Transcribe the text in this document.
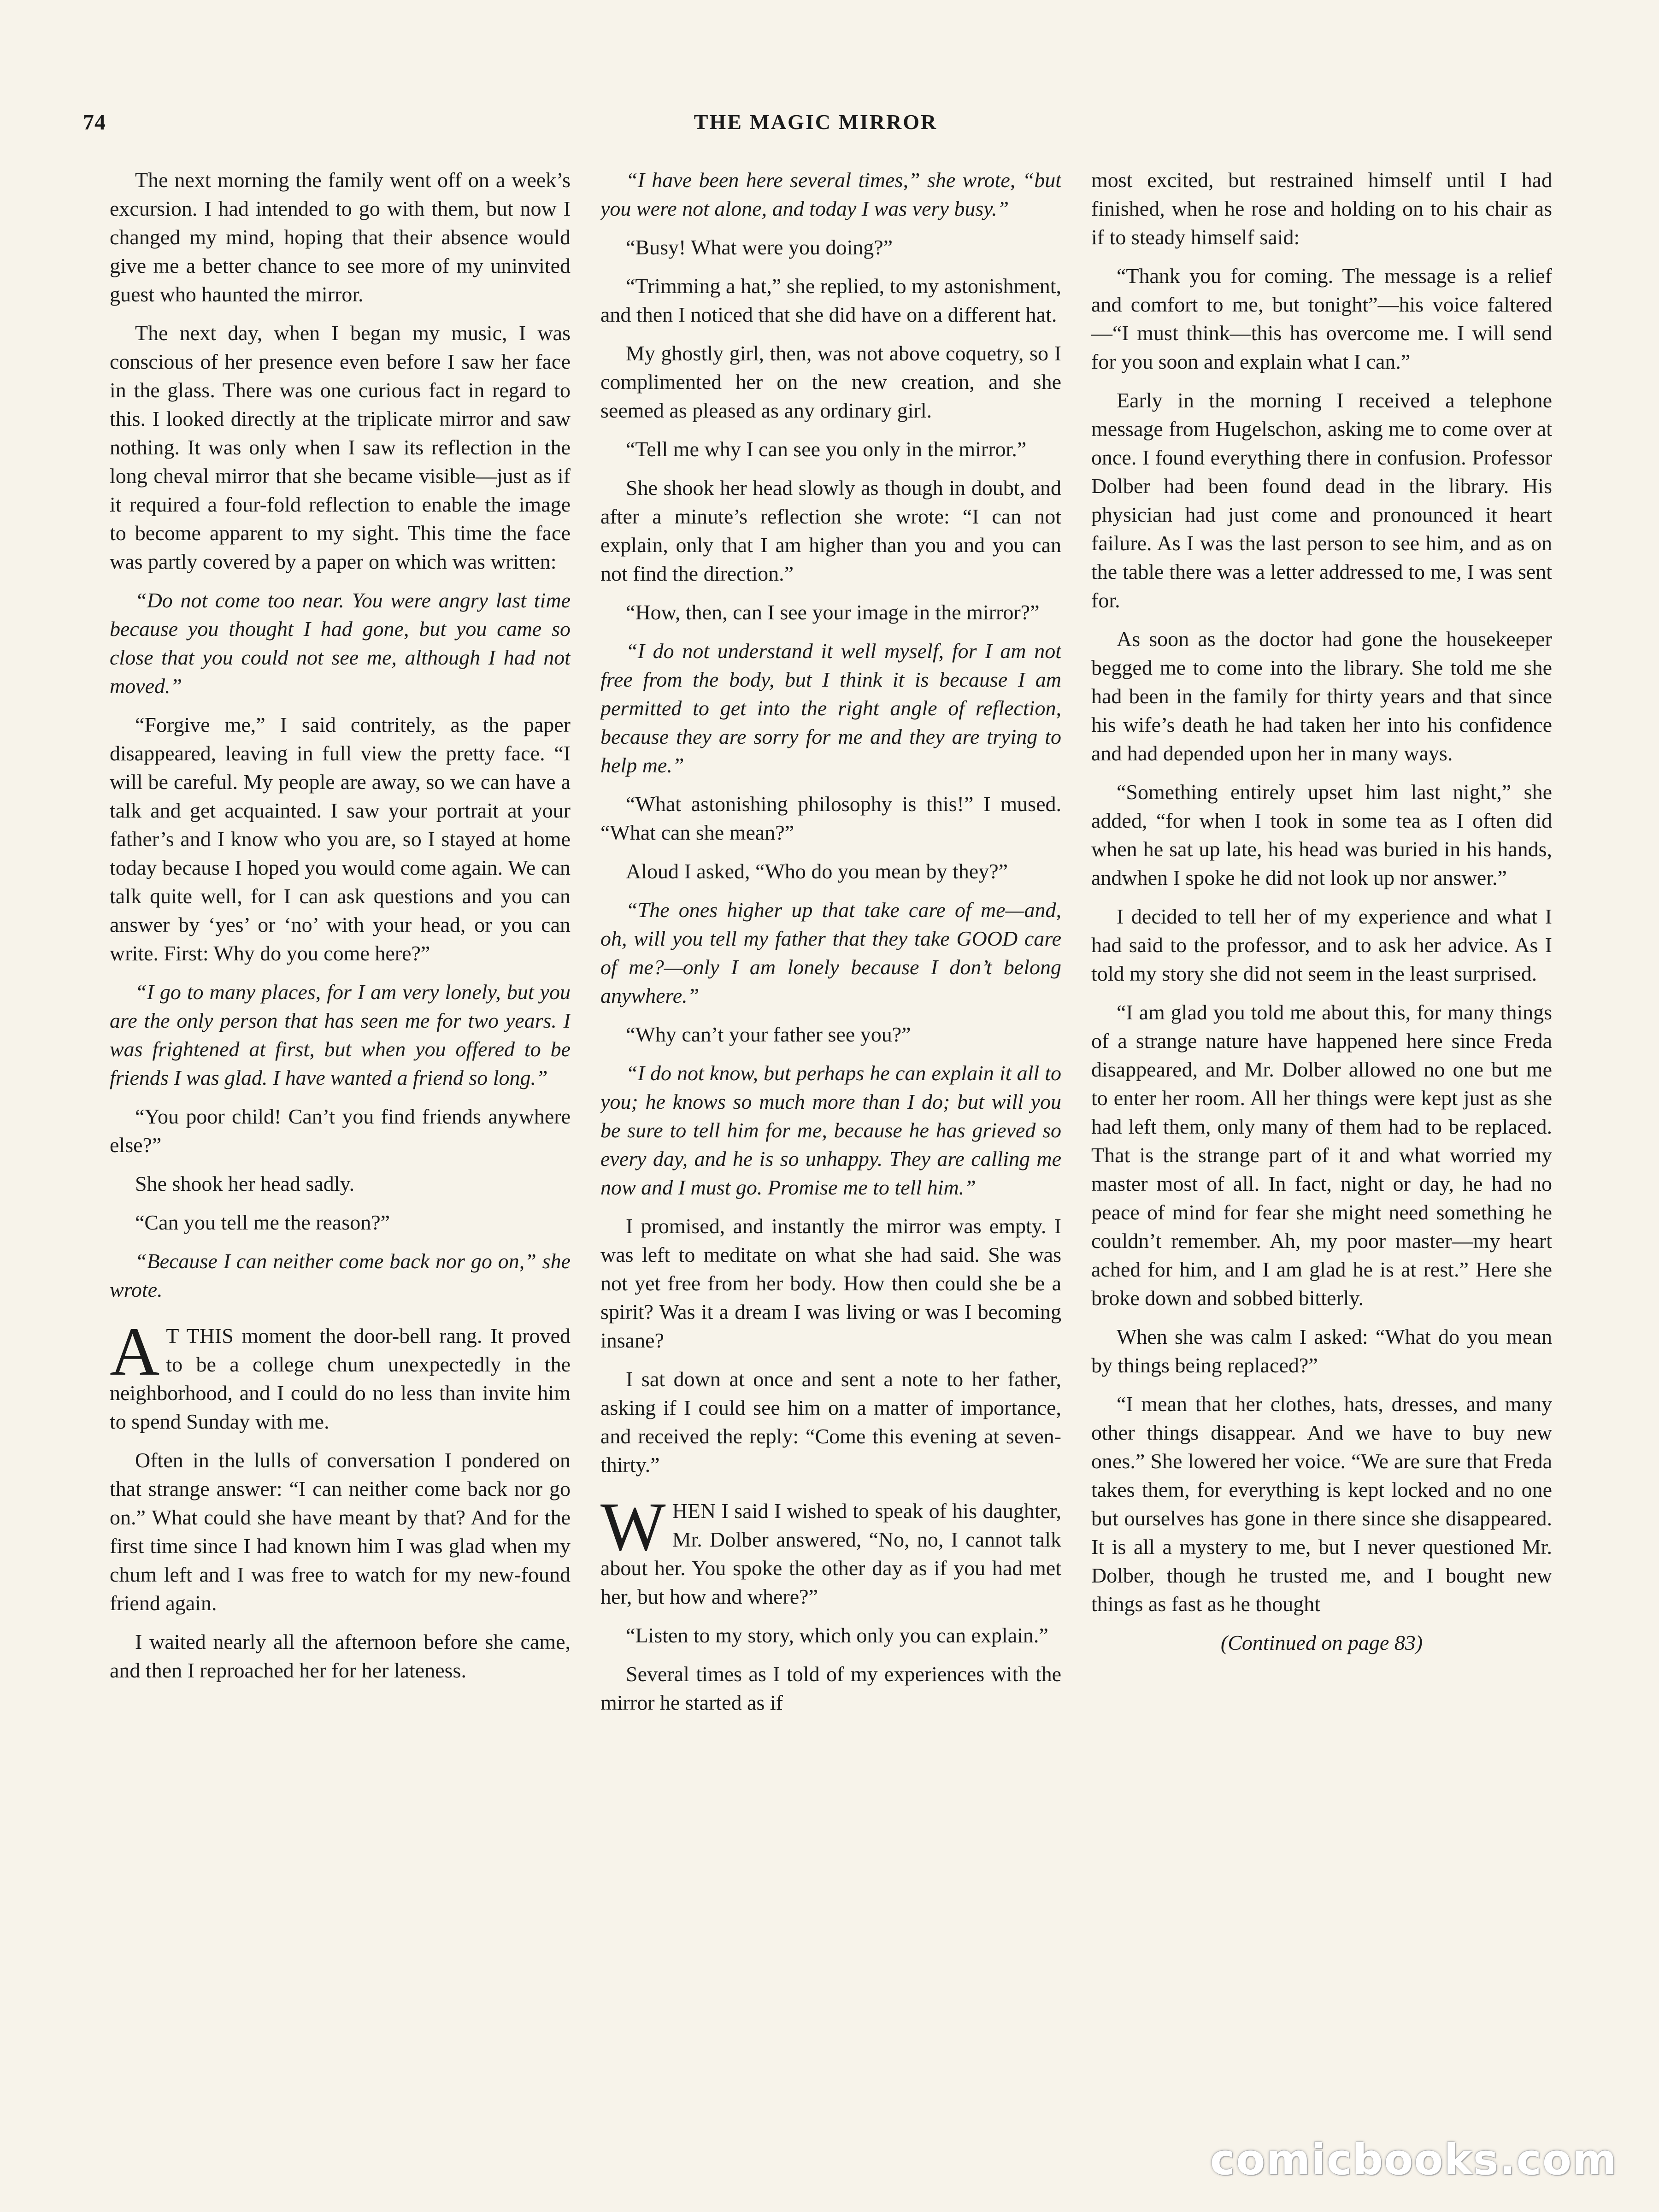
74	THE MAGIC MIRROR

The next morning the family went off on a week’s excursion. I had intended to go with them, but now I changed my mind, hoping that their absence would give me a better chance to see more of my uninvited guest who haunted the mirror.

The next day, when I began my music, I was conscious of her presence even before I saw her face in the glass. There was one curious fact in regard to this. I looked directly at the triplicate mirror and saw nothing. It was only when I saw its reflection in the long cheval mirror that she became visible—just as if it required a four-fold reflection to enable the image to become apparent to my sight. This time the face was partly covered by a paper on which was written:

“Do not come too near. You were angry last time because you thought I had gone, but you came so close that you could not see me, although I had not moved.”

“Forgive me,” I said contritely, as the paper disappeared, leaving in full view the pretty face. “I will be careful. My people are away, so we can have a talk and get acquainted. I saw your portrait at your father’s and I know who you are, so I stayed at home today because I hoped you would come again. We can talk quite well, for I can ask questions and you can answer by ‘yes’ or ‘no’ with your head, or you can write. First: Why do you come here?”

“I go to many places, for I am very lonely, but you are the only person that has seen me for two years. I was frightened at first, but when you offered to be friends I was glad. I have wanted a friend so long.”

“You poor child! Can’t you find friends anywhere else?”

She shook her head sadly.

“Can you tell me the reason?”

“Because I can neither come back nor go on,” she wrote.

A T THIS moment the door-bell rang. It proved to be a college chum unexpectedly in the neighborhood, and I could do no less than invite him to spend Sunday with me.

Often in the lulls of conversation I pondered on that strange answer: “I can neither come back nor go on.” What could she have meant by that? And for the first time since I had known him I was glad when my chum left and I was free to watch for my new-found friend again.

I waited nearly all the afternoon before she came, and then I reproached her for her lateness.

“I have been here several times,” she wrote, “but you were not alone, and today I was very busy.”

“Busy! What were you doing?”

“Trimming a hat,” she replied, to my astonishment, and then I noticed that she did have on a different hat.

My ghostly girl, then, was not above coquetry, so I complimented her on the new creation, and she seemed as pleased as any ordinary girl.

“Tell me why I can see you only in the mirror.”

She shook her head slowly as though in doubt, and after a minute’s reflection she wrote: “I can not explain, only that I am higher than you and you can not find the direction.”

“How, then, can I see your image in the mirror?”

“I do not understand it well myself, for I am not free from the body, but I think it is because I am permitted to get into the right angle of reflection, because they are sorry for me and they are trying to help me.”

“What astonishing philosophy is this!” I mused. “What can she mean?”

Aloud I asked, “Who do you mean by they?”

“The ones higher up that take care of me—and, oh, will you tell my father that they take GOOD care of me?—only I am lonely because I don’t belong anywhere.”

“Why can’t your father see you?”

“I do not know, but perhaps he can explain it all to you; he knows so much more than I do; but will you be sure to tell him for me, because he has grieved so every day, and he is so unhappy. They are calling me now and I must go. Promise me to tell him.”

I promised, and instantly the mirror was empty. I was left to meditate on what she had said. She was not yet free from her body. How then could she be a spirit? Was it a dream I was living or was I becoming insane?

I sat down at once and sent a note to her father, asking if I could see him on a matter of importance, and received the reply: “Come this evening at seven-thirty.”

WHEN I said I wished to speak of his daughter, Mr. Dolber answered, “No, no, I cannot talk about her. You spoke the other day as if you had met her, but how and where?”

“Listen to my story, which only you can explain.”

Several times as I told of my experiences with the mirror he started as if

most excited, but restrained himself until I had finished, when he rose and holding on to his chair as if to steady himself said:

“Thank you for coming. The message is a relief and comfort to me, but tonight”—his voice faltered—“I must think—this has overcome me. I will send for you soon and explain what I can.”

Early in the morning I received a telephone message from Hugelschon, asking me to come over at once. I found everything there in confusion. Professor Dolber had been found dead in the library. His physician had just come and pronounced it heart failure. As I was the last person to see him, and as on the table there was a letter addressed to me, I was sent for.

As soon as the doctor had gone the housekeeper begged me to come into the library. She told me she had been in the family for thirty years and that since his wife’s death he had taken her into his confidence and had depended upon her in many ways.

“Something entirely upset him last night,” she added, “for when I took in some tea as I often did when he sat up late, his head was buried in his hands, andwhen I spoke he did not look up nor answer.”

I decided to tell her of my experience and what I had said to the professor, and to ask her advice. As I told my story she did not seem in the least surprised.

“I am glad you told me about this, for many things of a strange nature have happened here since Freda disappeared, and Mr. Dolber allowed no one but me to enter her room. All her things were kept just as she had left them, only many of them had to be replaced. That is the strange part of it and what worried my master most of all. In fact, night or day, he had no peace of mind for fear she might need something he couldn’t remember. Ah, my poor master—my heart ached for him, and I am glad he is at rest.” Here she broke down and sobbed bitterly.

When she was calm I asked: “What do you mean by things being replaced?”

“I mean that her clothes, hats, dresses, and many other things disappear. And we have to buy new ones.” She lowered her voice. “We are sure that Freda takes them, for everything is kept locked and no one but ourselves has gone in there since she disappeared. It is all a mystery to me, but I never questioned Mr. Dolber, though he trusted me, and I bought new things as fast as he thought

(Continued on page 83)

comicbooks.com
